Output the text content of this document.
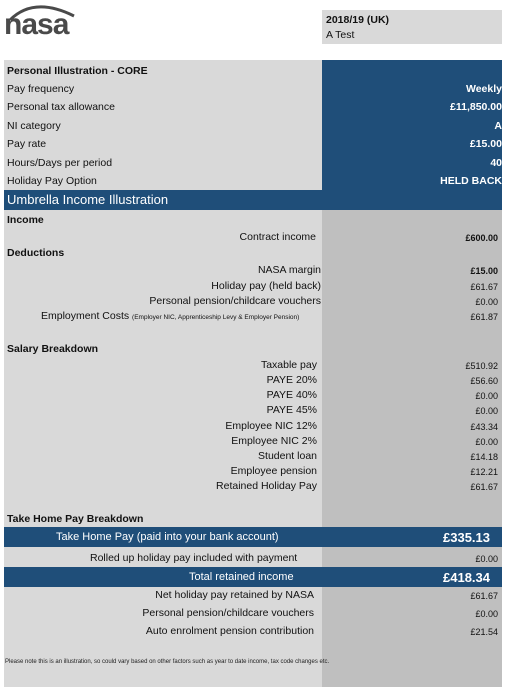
nasa	2018/19 (UK)
A Test
Personal Illustration - CORE
Pay frequency	Weekly
Personal tax allowance	£11,850.00
NI category	A
Pay rate	£15.00
Hours/Days per period	40
Holiday Pay Option	HELD BACK
Umbrella Income Illustration
Income
Contract income	£600.00
Deductions
NASA margin	£15.00
Holiday pay (held back)	£61.67
Personal pension/childcare vouchers	£0.00
Employment Costs (Employer NIC, Apprenticeship Levy & Employer Pension)	£61.87
Salary Breakdown
Taxable pay	£510.92
PAYE 20%	£56.60
PAYE 40%	£0.00
PAYE 45%	£0.00
Employee NIC 12%	£43.34
Employee NIC 2%	£0.00
Student loan	£14.18
Employee pension	£12.21
Retained Holiday Pay	£61.67
Take Home Pay Breakdown
Take Home Pay (paid into your bank account)	£335.13
Rolled up holiday pay included with payment	£0.00
Total retained income	£418.34
Net holiday pay retained by NASA	£61.67
Personal pension/childcare vouchers	£0.00
Auto enrolment pension contribution	£21.54
Please note this is an illustration, so could vary based on other factors such as year to date income, tax code changes etc.
